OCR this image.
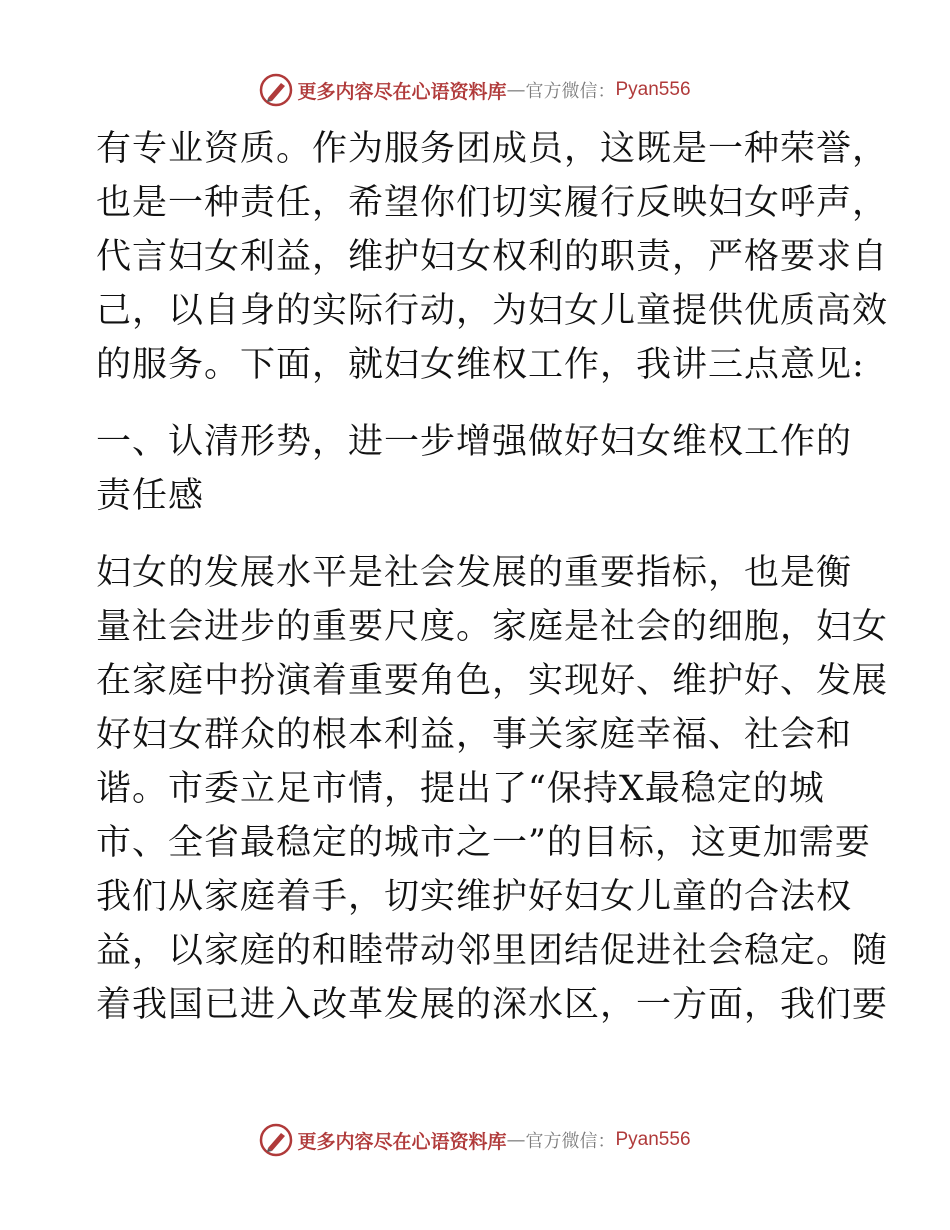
更多内容尽在心语资料库 — 官方微信： Pyan556
有专业资质。作为服务团成员，这既是一种荣誉，
也是一种责任，希望你们切实履行反映妇女呼声，
代言妇女利益，维护妇女权利的职责，严格要求自
己，以自身的实际行动，为妇女儿童提供优质高效
的服务。下面，就妇女维权工作，我讲三点意见:
一、认清形势，进一步增强做好妇女维权工作的
责任感
妇女的发展水平是社会发展的重要指标，也是衡
量社会进步的重要尺度。家庭是社会的细胞，妇女
在家庭中扮演着重要角色，实现好、维护好、发展
好妇女群众的根本利益，事关家庭幸福、社会和
谐。市委立足市情，提出了“保持X最稳定的城
市、全省最稳定的城市之一”的目标，这更加需要
我们从家庭着手，切实维护好妇女儿童的合法权
益，以家庭的和睦带动邻里团结促进社会稳定。随
着我国已进入改革发展的深水区，一方面，我们要
更多内容尽在心语资料库 — 官方微信： Pyan556
